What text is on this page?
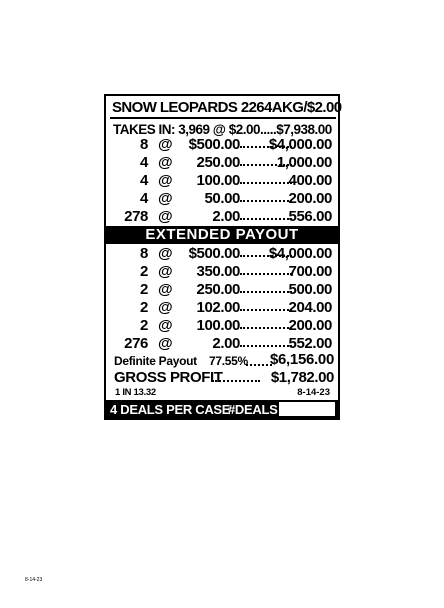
SNOW LEOPARDS 2264AKG/$2.00
TAKES IN: 3,969 @ $2.00.....$7,938.00
8 @ $500.00 $4,000.00
4 @ 250.00 1,000.00
4 @ 100.00	400.00
4 @ 50.00	200.00
278 @	2.00	556.00
EXTENDED PAYOUT
8 @ $500.00 $4,000.00
2 @ 350.00	700.00
2 @ 250.00	500.00
2 @ 102.00	204.00
2 @ 100.00	200.00
276 @	2.00	552.00
Definite Payout 77.55% $6,156.00
GROSS PROFIT	$1,782.00
1 IN 13.32	8-14-23
4 DEALS PER CASE
#DEALS
8-14-23
